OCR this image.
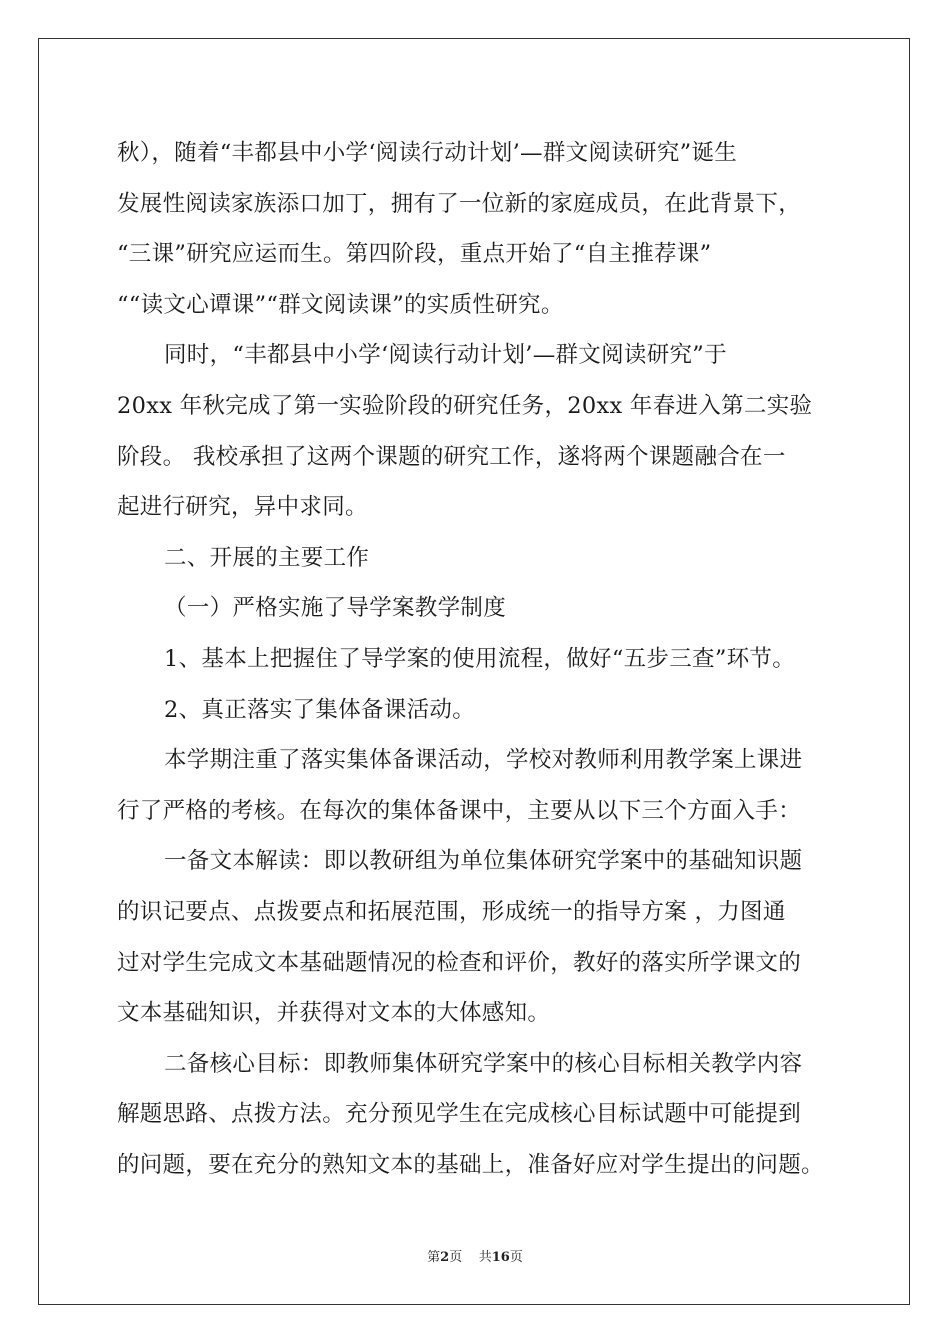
秋），随着“丰都县中小学‘阅读行动计划’—群文阅读研究”诞生
发展性阅读家族添口加丁，拥有了一位新的家庭成员，在此背景下，
“三课”研究应运而生。第四阶段，重点开始了“自主推荐课”
““读文心谭课”“群文阅读课”的实质性研究。
同时，“丰都县中小学‘阅读行动计划’—群文阅读研究”于
20xx 年秋完成了第一实验阶段的研究任务，20xx 年春进入第二实验
阶段。 我校承担了这两个课题的研究工作，遂将两个课题融合在一
起进行研究，异中求同。
二、开展的主要工作
（一）严格实施了导学案教学制度
1、基本上把握住了导学案的使用流程，做好“五步三查”环节。
2、真正落实了集体备课活动。
本学期注重了落实集体备课活动，学校对教师利用教学案上课进
行了严格的考核。在每次的集体备课中，主要从以下三个方面入手：
一备文本解读：即以教研组为单位集体研究学案中的基础知识题
的识记要点、点拨要点和拓展范围，形成统一的指导方案 ，力图通
过对学生完成文本基础题情况的检查和评价，教好的落实所学课文的
文本基础知识，并获得对文本的大体感知。
二备核心目标：即教师集体研究学案中的核心目标相关教学内容
解题思路、点拨方法。充分预见学生在完成核心目标试题中可能提到
的问题，要在充分的熟知文本的基础上，准备好应对学生提出的问题。
第2页 共16页
